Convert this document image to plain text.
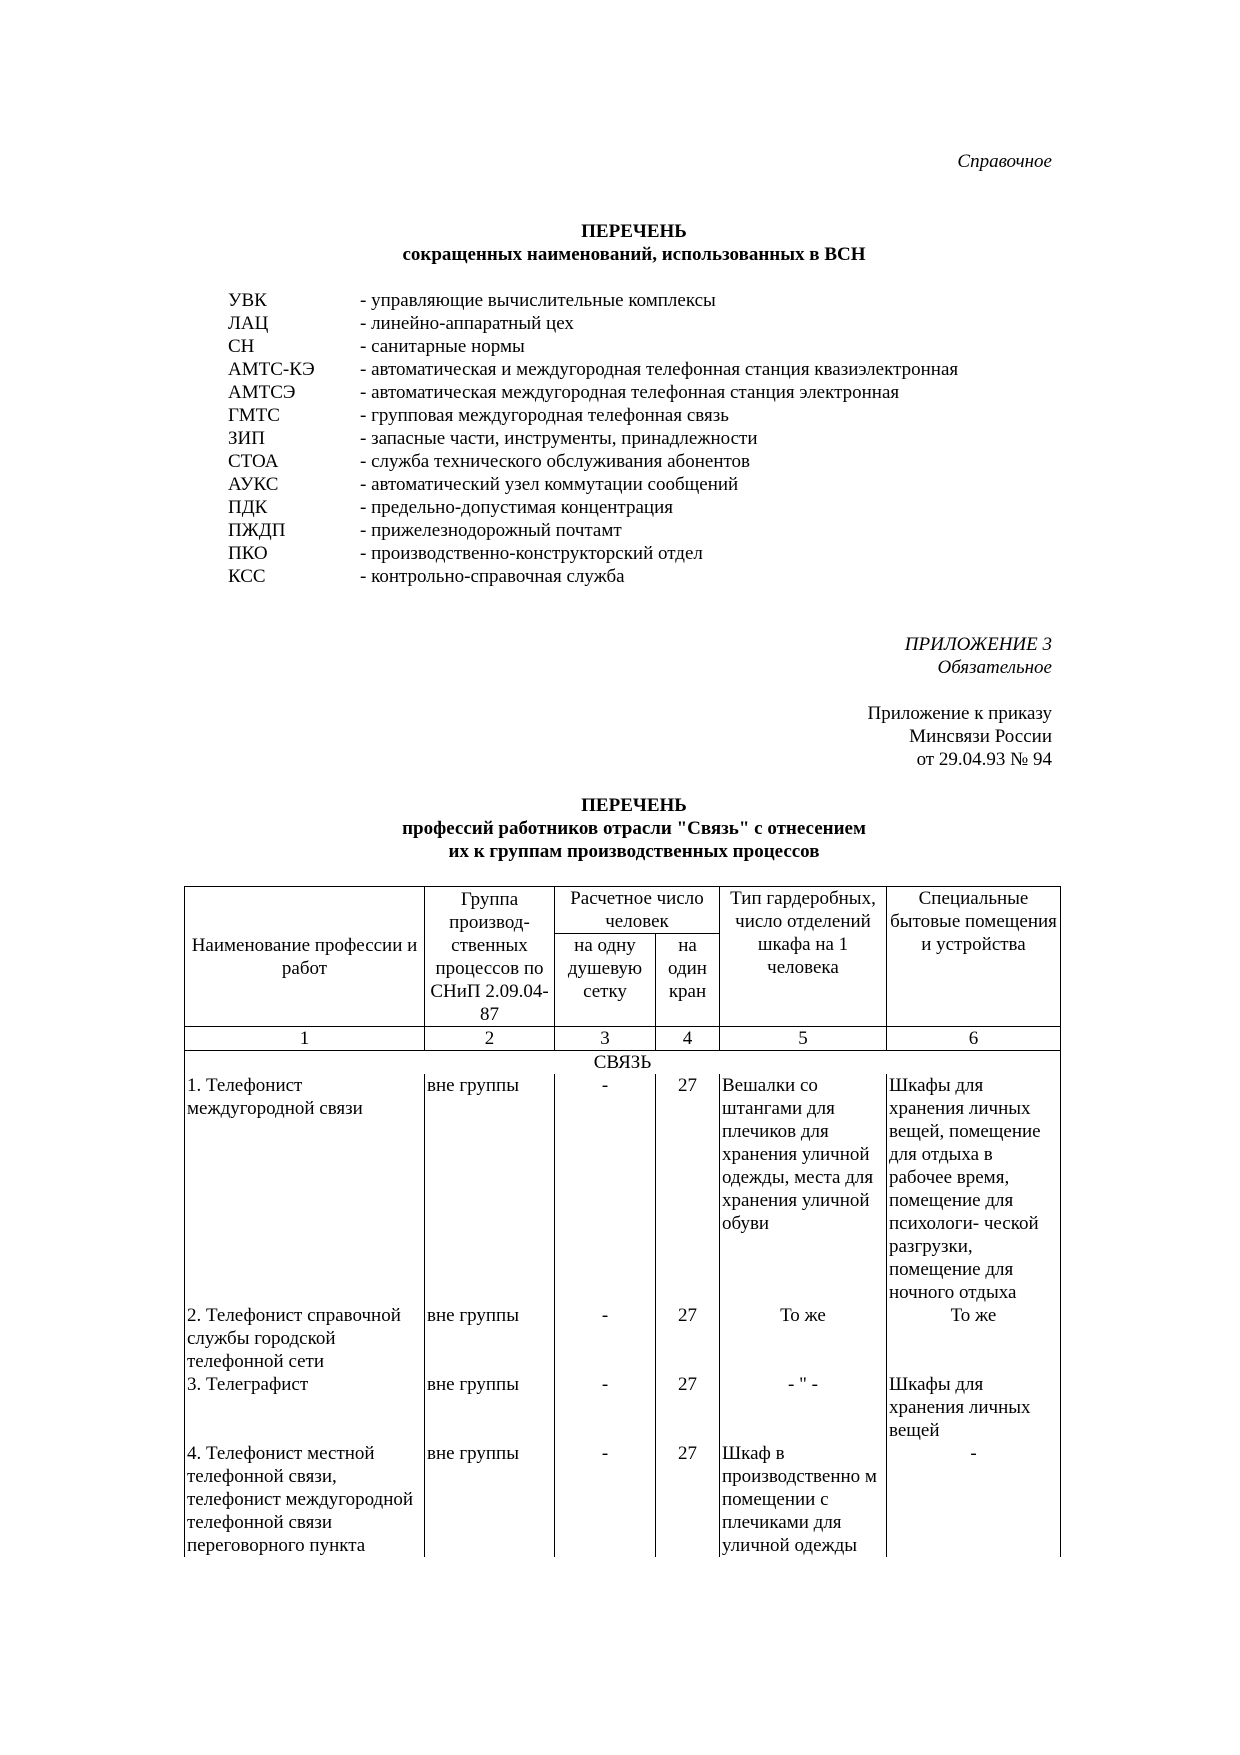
Справочное
ПЕРЕЧЕНЬ
сокращенных наименований, использованных в ВСН
УВК	- управляющие вычислительные комплексы
ЛАЦ	- линейно-аппаратный цех
СН	- санитарные нормы
АМТС-КЭ	- автоматическая и междугородная телефонная станция квазиэлектронная
АМТСЭ	- автоматическая междугородная телефонная станция электронная
ГМТС	- групповая междугородная телефонная связь
ЗИП	- запасные части, инструменты, принадлежности
СТОА	- служба технического обслуживания абонентов
АУКС	- автоматический узел коммутации сообщений
ПДК	- предельно-допустимая концентрация
ПЖДП	- прижелезнодорожный почтамт
ПКО	- производственно-конструкторский отдел
КСС	- контрольно-справочная служба
ПРИЛОЖЕНИЕ 3
Обязательное
Приложение к приказу
Минсвязи России
от 29.04.93 № 94
ПЕРЕЧЕНЬ
профессий работников отрасли "Связь" с отнесением
их к группам производственных процессов
Наименование профессии и работ	Группа производ- ственных процессов по СНиП 2.09.04-87	Расчетное число человек		Тип гардеробных, число отделений шкафа на 1 человека	Специальные бытовые помещения и устройства
		на одну душевую сетку	на один кран		
1	2	3	4	5	6
СВЯЗЬ					
1. Телефонист междугородной связи	вне группы	-	27	Вешалки со штангами для плечиков для хранения уличной одежды, места для хранения уличной обуви	Шкафы для хранения личных вещей, помещение для отдыха в рабочее время, помещение для психологи- ческой разгрузки, помещение для ночного отдыха
2. Телефонист справочной службы городской телефонной сети	вне группы	-	27	То же	То же
3. Телеграфист	вне группы	-	27	- " -	Шкафы для хранения личных вещей
4. Телефонист местной телефонной связи, телефонист междугородной телефонной связи переговорного пункта	вне группы	-	27	Шкаф в производственно м помещении с плечиками для уличной одежды	-
